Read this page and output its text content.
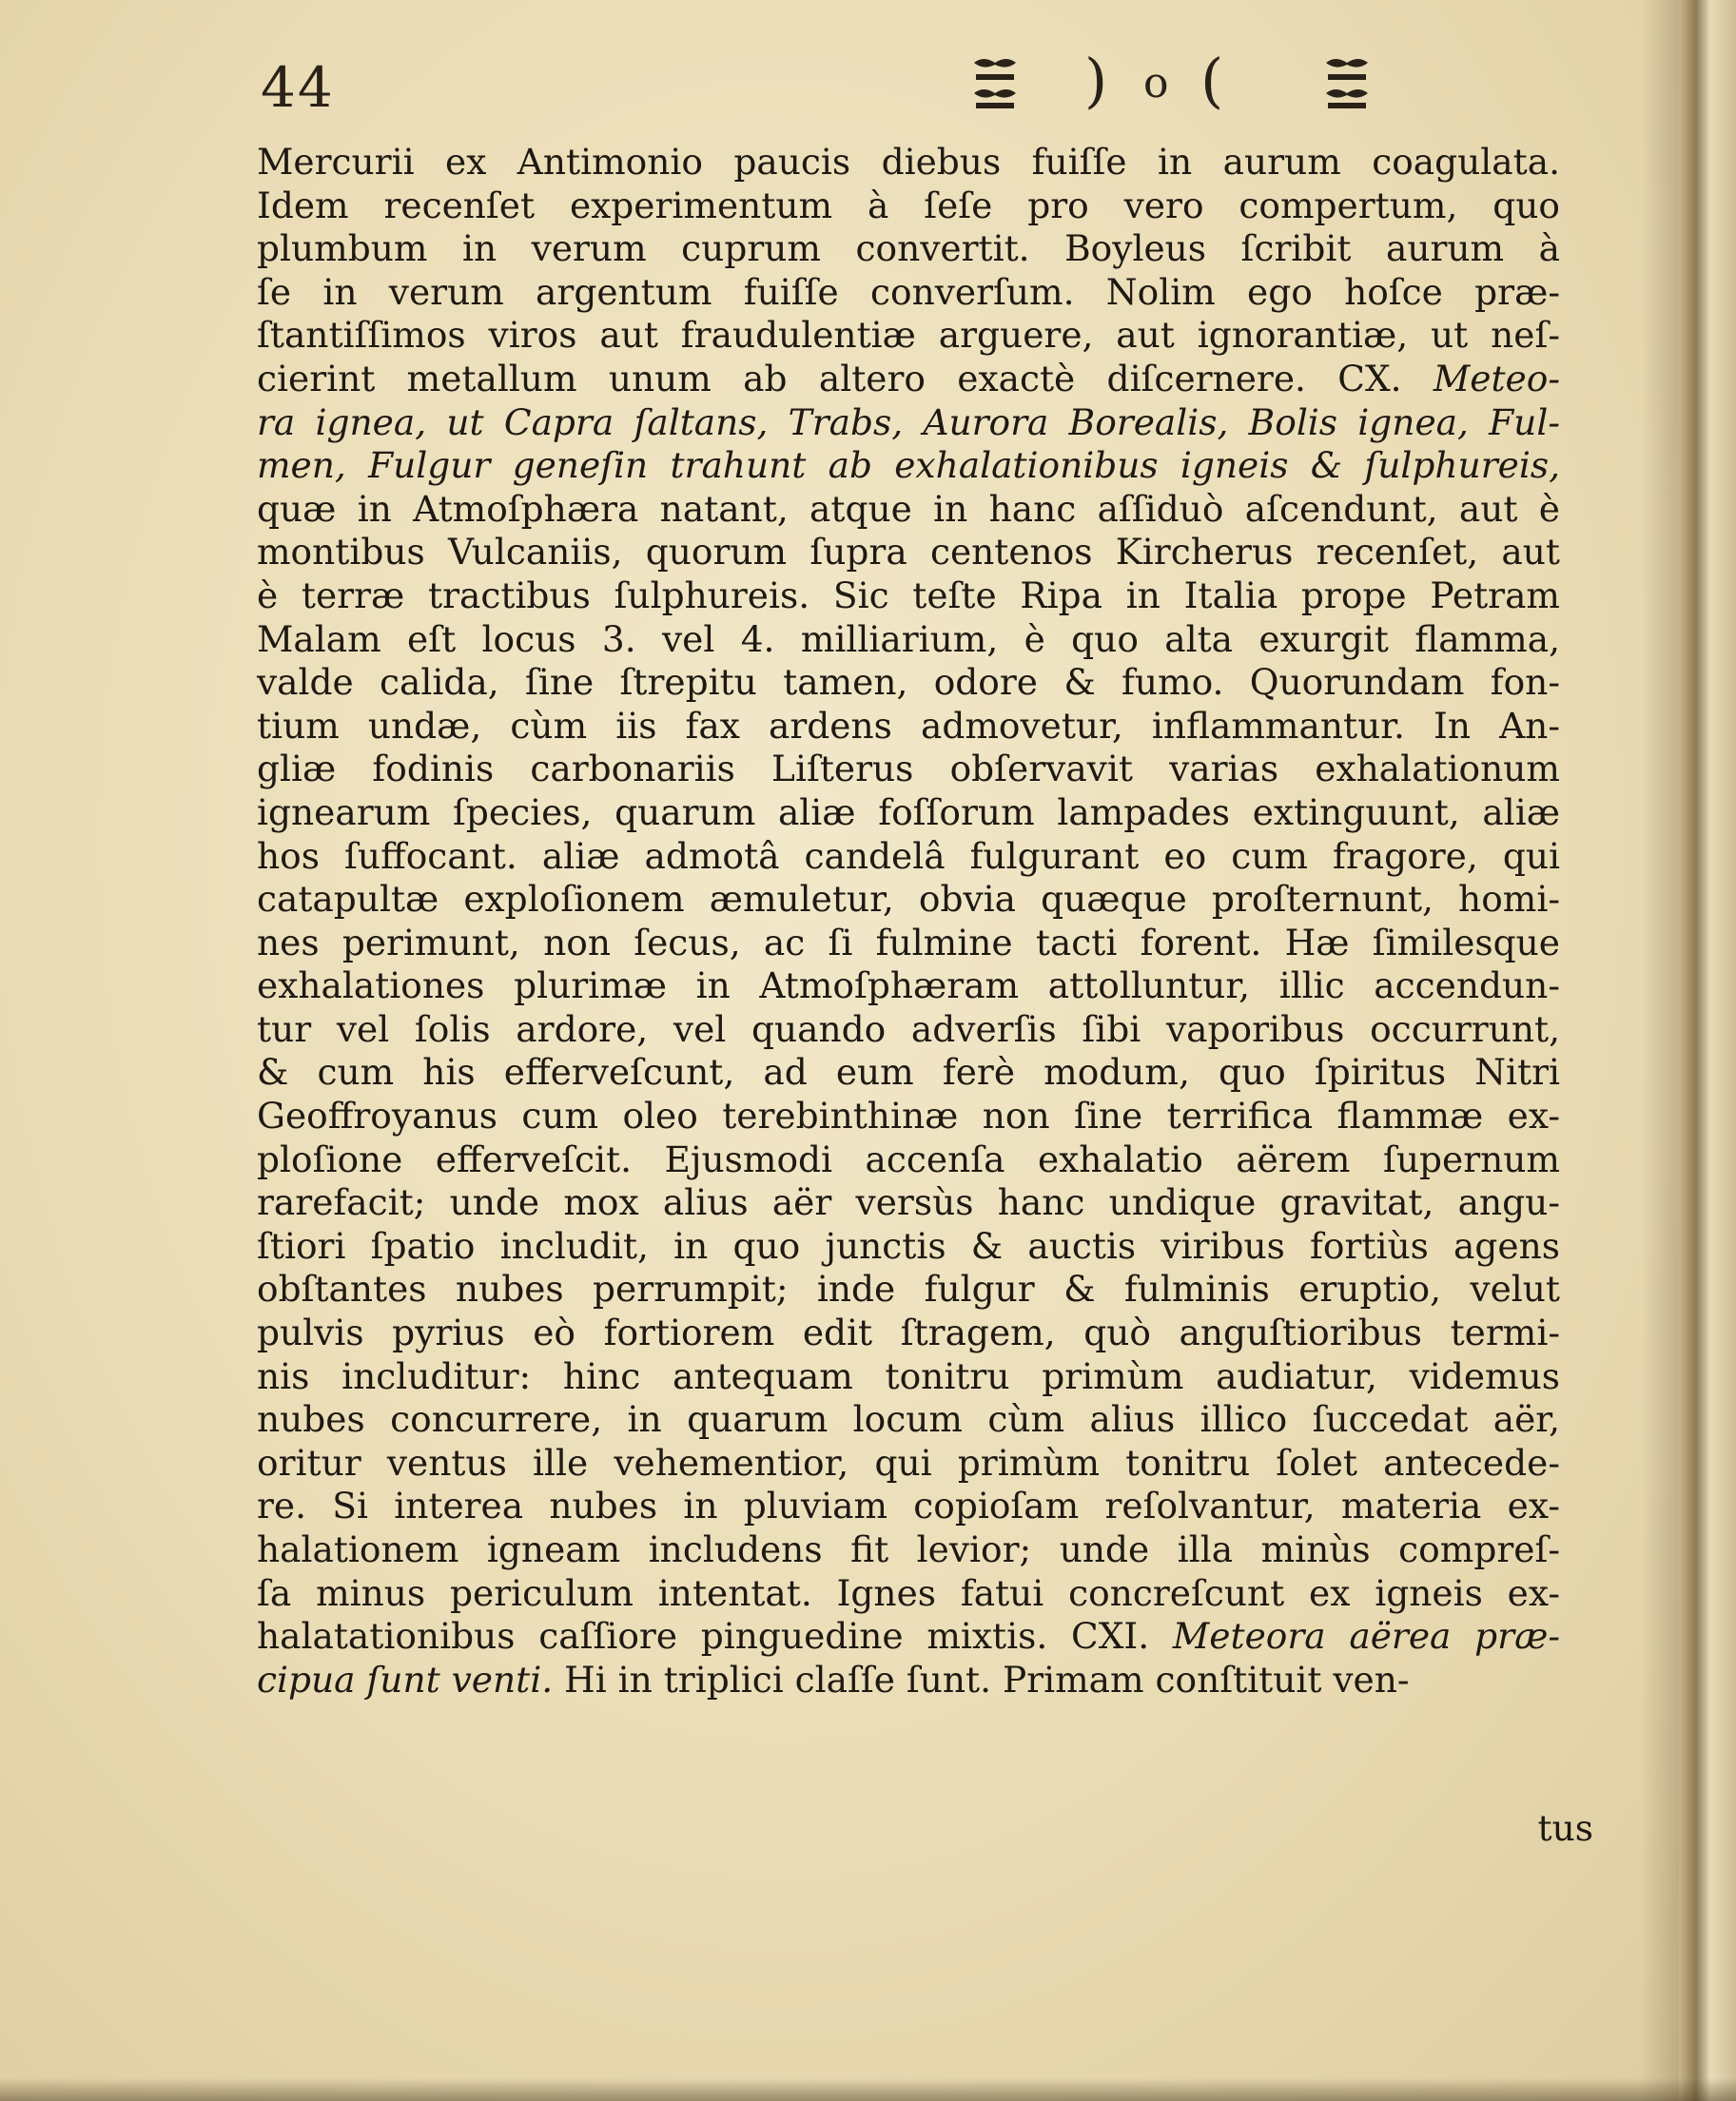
44	) o (
Mercurii ex Antimonio paucis diebus fuiſſe in aurum coagulata.
Idem recenſet experimentum à ſeſe pro vero compertum, quo
plumbum in verum cuprum convertit. Boyleus ſcribit aurum à
ſe in verum argentum fuiſſe converſum. Nolim ego hoſce præ-
ſtantiſſimos viros aut fraudulentiæ arguere, aut ignorantiæ, ut neſ-
cierint metallum unum ab altero exactè diſcernere. CX. Meteo-
ra ignea, ut Capra ſaltans, Trabs, Aurora Borealis, Bolis ignea, Ful-
men, Fulgur geneſin trahunt ab exhalationibus igneis & ſulphureis,
quæ in Atmoſphæra natant, atque in hanc aſſiduò aſcendunt, aut è
montibus Vulcaniis, quorum ſupra centenos Kircherus recenſet, aut
è terræ tractibus ſulphureis. Sic teſte Ripa in Italia prope Petram
Malam eſt locus 3. vel 4. milliarium, è quo alta exurgit flamma,
valde calida, ſine ſtrepitu tamen, odore & fumo. Quorundam fon-
tium undæ, cùm iis fax ardens admovetur, inflammantur. In An-
gliæ fodinis carbonariis Liſterus obſervavit varias exhalationum
ignearum ſpecies, quarum aliæ foſſorum lampades extinguunt, aliæ
hos ſuffocant. aliæ admotâ candelâ fulgurant eo cum fragore, qui
catapultæ exploſionem æmuletur, obvia quæque proſternunt, homi-
nes perimunt, non ſecus, ac ſi fulmine tacti forent. Hæ ſimilesque
exhalationes plurimæ in Atmoſphæram attolluntur, illic accendun-
tur vel ſolis ardore, vel quando adverſis ſibi vaporibus occurrunt,
& cum his efferveſcunt, ad eum ferè modum, quo ſpiritus Nitri
Geoffroyanus cum oleo terebinthinæ non ſine terrifica flammæ ex-
ploſione efferveſcit. Ejusmodi accenſa exhalatio aërem ſupernum
rarefacit; unde mox alius aër versùs hanc undique gravitat, angu-
ſtiori ſpatio includit, in quo junctis & auctis viribus fortiùs agens
obſtantes nubes perrumpit; inde fulgur & fulminis eruptio, velut
pulvis pyrius eò fortiorem edit ſtragem, quò anguſtioribus termi-
nis includitur: hinc antequam tonitru primùm audiatur, videmus
nubes concurrere, in quarum locum cùm alius illico ſuccedat aër,
oritur ventus ille vehementior, qui primùm tonitru ſolet antecede-
re. Si interea nubes in pluviam copioſam reſolvantur, materia ex-
halationem igneam includens fit levior; unde illa minùs compreſ-
ſa minus periculum intentat. Ignes fatui concreſcunt ex igneis ex-
halatationibus caſſiore pinguedine mixtis. CXI. Meteora aërea præ-
cipua ſunt venti. Hi in triplici claſſe ſunt. Primam conſtituit ven-
tus
